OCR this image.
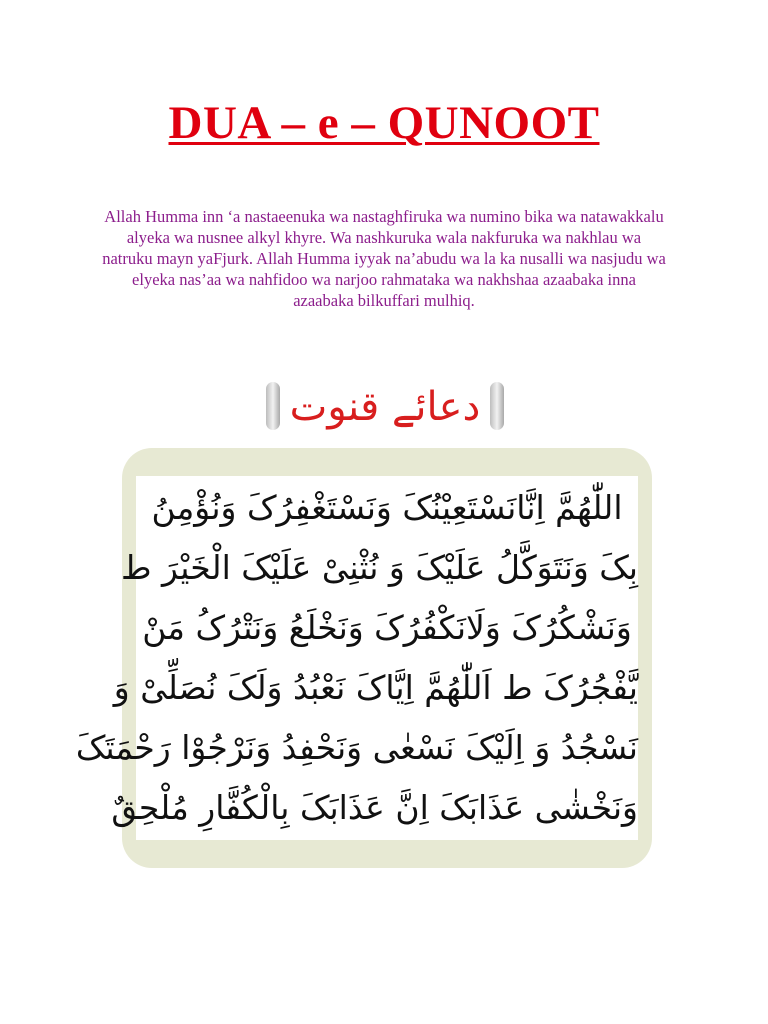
DUA – e – QUNOOT
Allah Humma inn ‘a nastaeenuka wa nastaghfiruka wa numino bika wa natawakkalu alyeka wa nusnee alkyl khyre. Wa nashkuruka wala nakfuruka wa nakhlau wa natruku mayn yaFjurk. Allah Humma iyyak na’abudu wa la ka nusalli wa nasjudu wa elyeka nas’aa wa nahfidoo wa narjoo rahmataka wa nakhshaa azaabaka inna azaabaka bilkuffari mulhiq.
دعائے قنوت
اللّٰھُمَّ اِنَّانَسْتَعِیْنُکَ وَنَسْتَغْفِرُکَ وَنُؤْمِنُ
بِکَ وَنَتَوَکَّلُ عَلَیْکَ وَ نُثْنِیْ عَلَیْکَ الْخَیْرَ ط
وَنَشْکُرُکَ وَلَانَکْفُرُکَ وَنَخْلَعُ وَنَتْرُکُ مَنْ
یَّفْجُرُکَ ط اَللّٰھُمَّ اِیَّاکَ نَعْبُدُ وَلَکَ نُصَلِّیْ وَ
نَسْجُدُ وَ اِلَیْکَ نَسْعٰی وَنَحْفِدُ وَنَرْجُوْا رَحْمَتَکَ
وَنَخْشٰی عَذَابَکَ اِنَّ عَذَابَکَ بِالْکُفَّارِ مُلْحِقٌ
